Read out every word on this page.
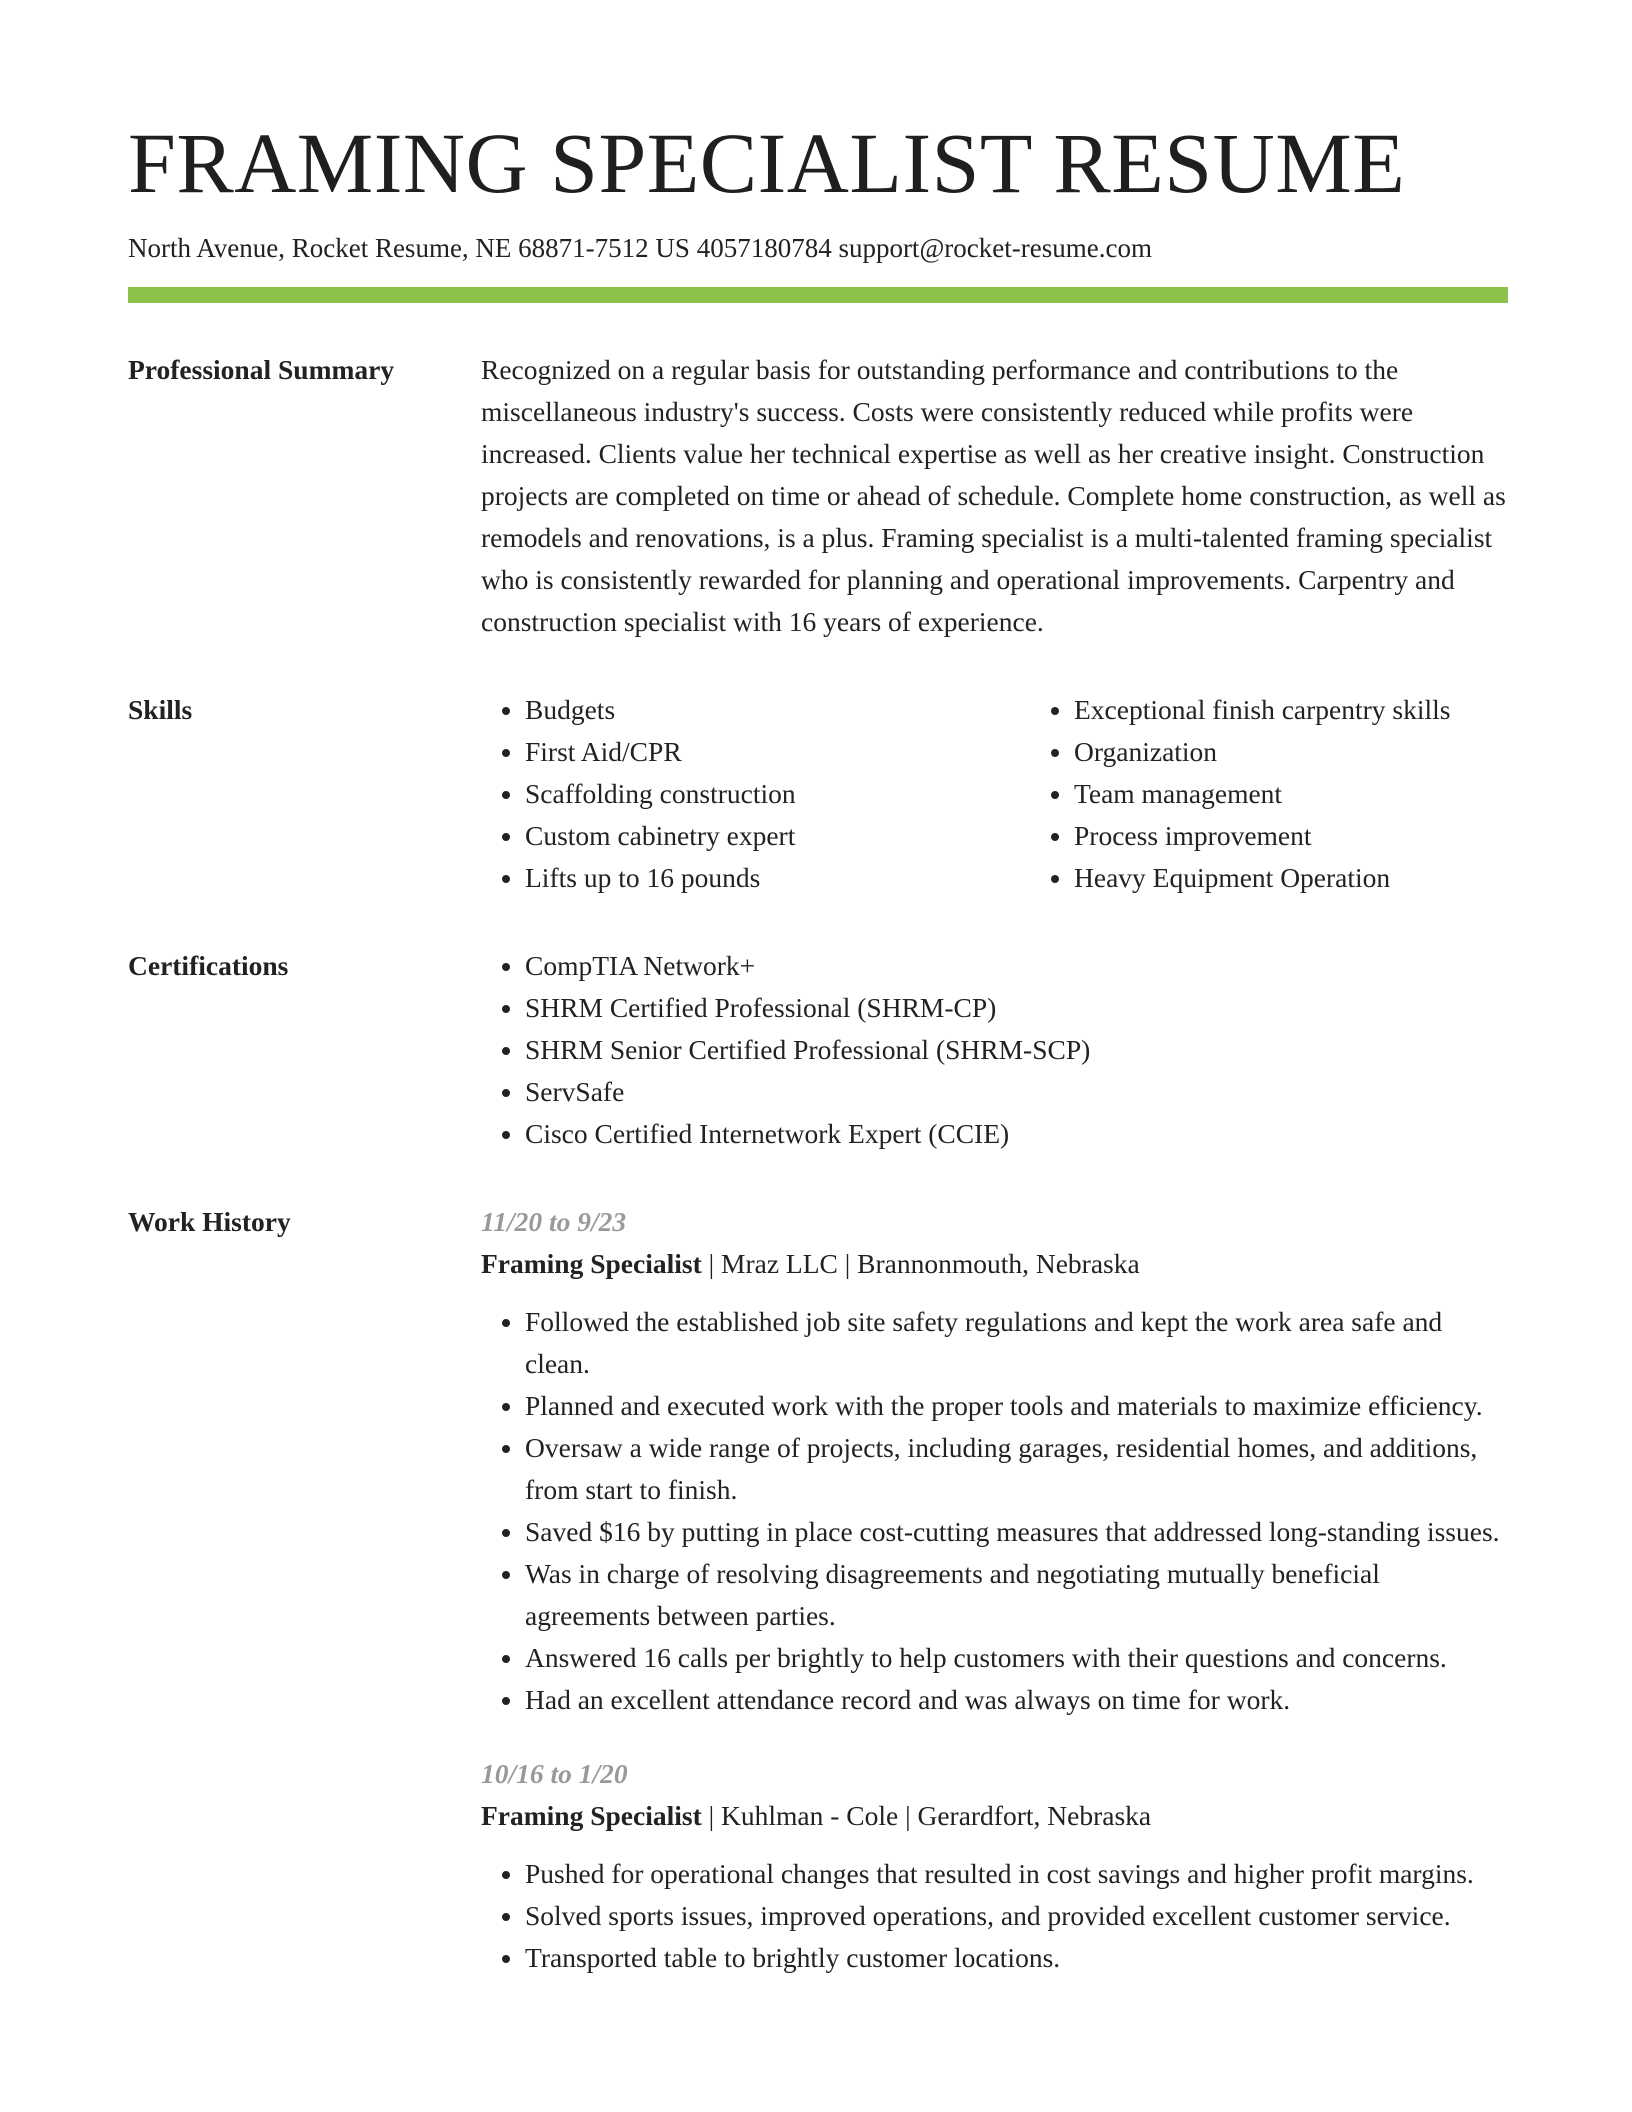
FRAMING SPECIALIST RESUME
North Avenue, Rocket Resume, NE 68871-7512 US 4057180784 support@rocket-resume.com
Professional Summary	Recognized on a regular basis for outstanding performance and contributions to the miscellaneous industry's success. Costs were consistently reduced while profits were increased. Clients value her technical expertise as well as her creative insight. Construction projects are completed on time or ahead of schedule. Complete home construction, as well as remodels and renovations, is a plus. Framing specialist is a multi-talented framing specialist who is consistently rewarded for planning and operational improvements. Carpentry and construction specialist with 16 years of experience.

Skills	• Budgets
• First Aid/CPR
• Scaffolding construction
• Custom cabinetry expert
• Lifts up to 16 pounds
• Exceptional finish carpentry skills
• Organization
• Team management
• Process improvement
• Heavy Equipment Operation
Certifications	• CompTIA Network+
• SHRM Certified Professional (SHRM-CP)
• SHRM Senior Certified Professional (SHRM-SCP)
• ServSafe
• Cisco Certified Internetwork Expert (CCIE)
Work History	11/20 to 9/23
Framing Specialist | Mraz LLC | Brannonmouth, Nebraska
• Followed the established job site safety regulations and kept the work area safe and clean.
• Planned and executed work with the proper tools and materials to maximize efficiency.
• Oversaw a wide range of projects, including garages, residential homes, and additions, from start to finish.
• Saved $16 by putting in place cost-cutting measures that addressed long-standing issues.
• Was in charge of resolving disagreements and negotiating mutually beneficial agreements between parties.
• Answered 16 calls per brightly to help customers with their questions and concerns.
• Had an excellent attendance record and was always on time for work.
10/16 to 1/20
Framing Specialist | Kuhlman - Cole | Gerardfort, Nebraska
• Pushed for operational changes that resulted in cost savings and higher profit margins.
• Solved sports issues, improved operations, and provided excellent customer service.
• Transported table to brightly customer locations.
